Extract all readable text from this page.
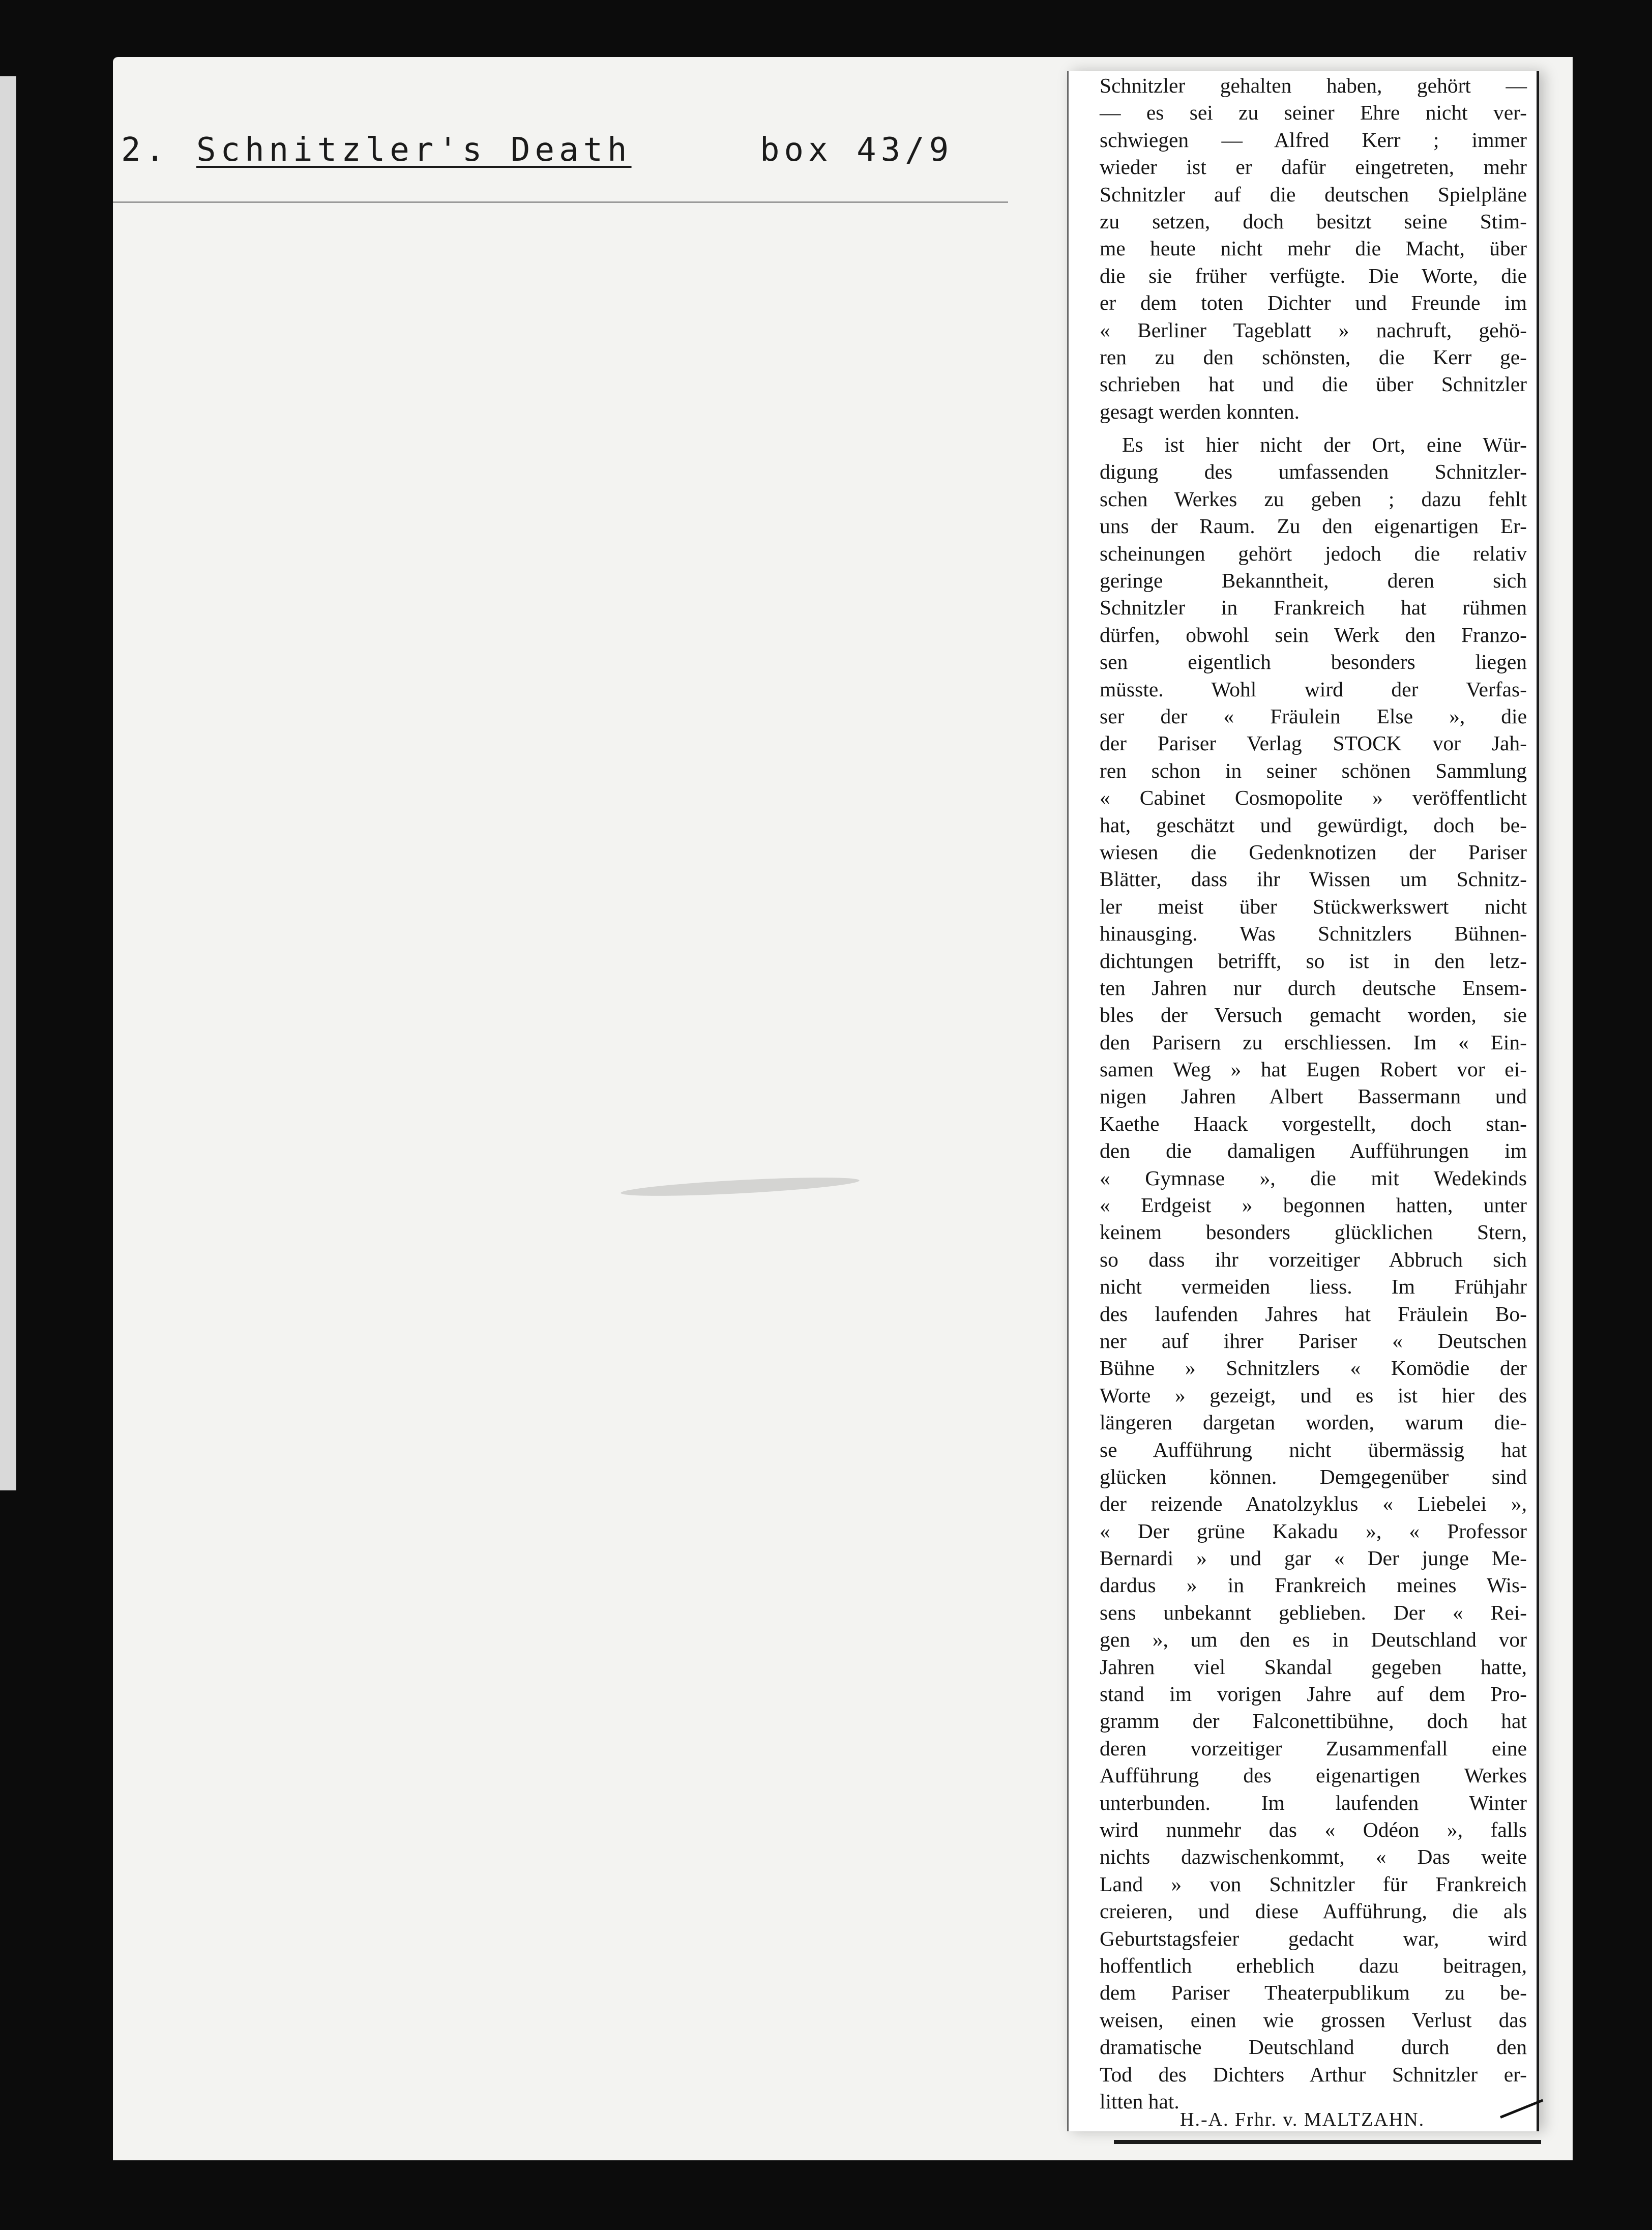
2. Schnitzler's Death	box 43/9
Schnitzler gehalten haben, gehört —
— es sei zu seiner Ehre nicht ver-
schwiegen — Alfred Kerr ; immer
wieder ist er dafür eingetreten, mehr
Schnitzler auf die deutschen Spielpläne
zu setzen, doch besitzt seine Stim-
me heute nicht mehr die Macht, über
die sie früher verfügte. Die Worte, die
er dem toten Dichter und Freunde im
« Berliner Tageblatt » nachruft, gehö-
ren zu den schönsten, die Kerr ge-
schrieben hat und die über Schnitzler
gesagt werden konnten.
Es ist hier nicht der Ort, eine Wür-
digung des umfassenden Schnitzler-
schen Werkes zu geben ; dazu fehlt
uns der Raum. Zu den eigenartigen Er-
scheinungen gehört jedoch die relativ
geringe Bekanntheit, deren sich
Schnitzler in Frankreich hat rühmen
dürfen, obwohl sein Werk den Franzo-
sen eigentlich besonders liegen
müsste. Wohl wird der Verfas-
ser der « Fräulein Else », die
der Pariser Verlag STOCK vor Jah-
ren schon in seiner schönen Sammlung
« Cabinet Cosmopolite » veröffentlicht
hat, geschätzt und gewürdigt, doch be-
wiesen die Gedenknotizen der Pariser
Blätter, dass ihr Wissen um Schnitz-
ler meist über Stückwerkswert nicht
hinausging. Was Schnitzlers Bühnen-
dichtungen betrifft, so ist in den letz-
ten Jahren nur durch deutsche Ensem-
bles der Versuch gemacht worden, sie
den Parisern zu erschliessen. Im « Ein-
samen Weg » hat Eugen Robert vor ei-
nigen Jahren Albert Bassermann und
Kaethe Haack vorgestellt, doch stan-
den die damaligen Aufführungen im
« Gymnase », die mit Wedekinds
« Erdgeist » begonnen hatten, unter
keinem besonders glücklichen Stern,
so dass ihr vorzeitiger Abbruch sich
nicht vermeiden liess. Im Frühjahr
des laufenden Jahres hat Fräulein Bo-
ner auf ihrer Pariser « Deutschen
Bühne » Schnitzlers « Komödie der
Worte » gezeigt, und es ist hier des
längeren dargetan worden, warum die-
se Aufführung nicht übermässig hat
glücken können. Demgegenüber sind
der reizende Anatolzyklus « Liebelei »,
« Der grüne Kakadu », « Professor
Bernardi » und gar « Der junge Me-
dardus » in Frankreich meines Wis-
sens unbekannt geblieben. Der « Rei-
gen », um den es in Deutschland vor
Jahren viel Skandal gegeben hatte,
stand im vorigen Jahre auf dem Pro-
gramm der Falconettibühne, doch hat
deren vorzeitiger Zusammenfall eine
Aufführung des eigenartigen Werkes
unterbunden. Im laufenden Winter
wird nunmehr das « Odéon », falls
nichts dazwischenkommt, « Das weite
Land » von Schnitzler für Frankreich
creieren, und diese Aufführung, die als
Geburtstagsfeier gedacht war, wird
hoffentlich erheblich dazu beitragen,
dem Pariser Theaterpublikum zu be-
weisen, einen wie grossen Verlust das
dramatische Deutschland durch den
Tod des Dichters Arthur Schnitzler er-
litten hat.
H.-A. Frhr. v. MALTZAHN.
